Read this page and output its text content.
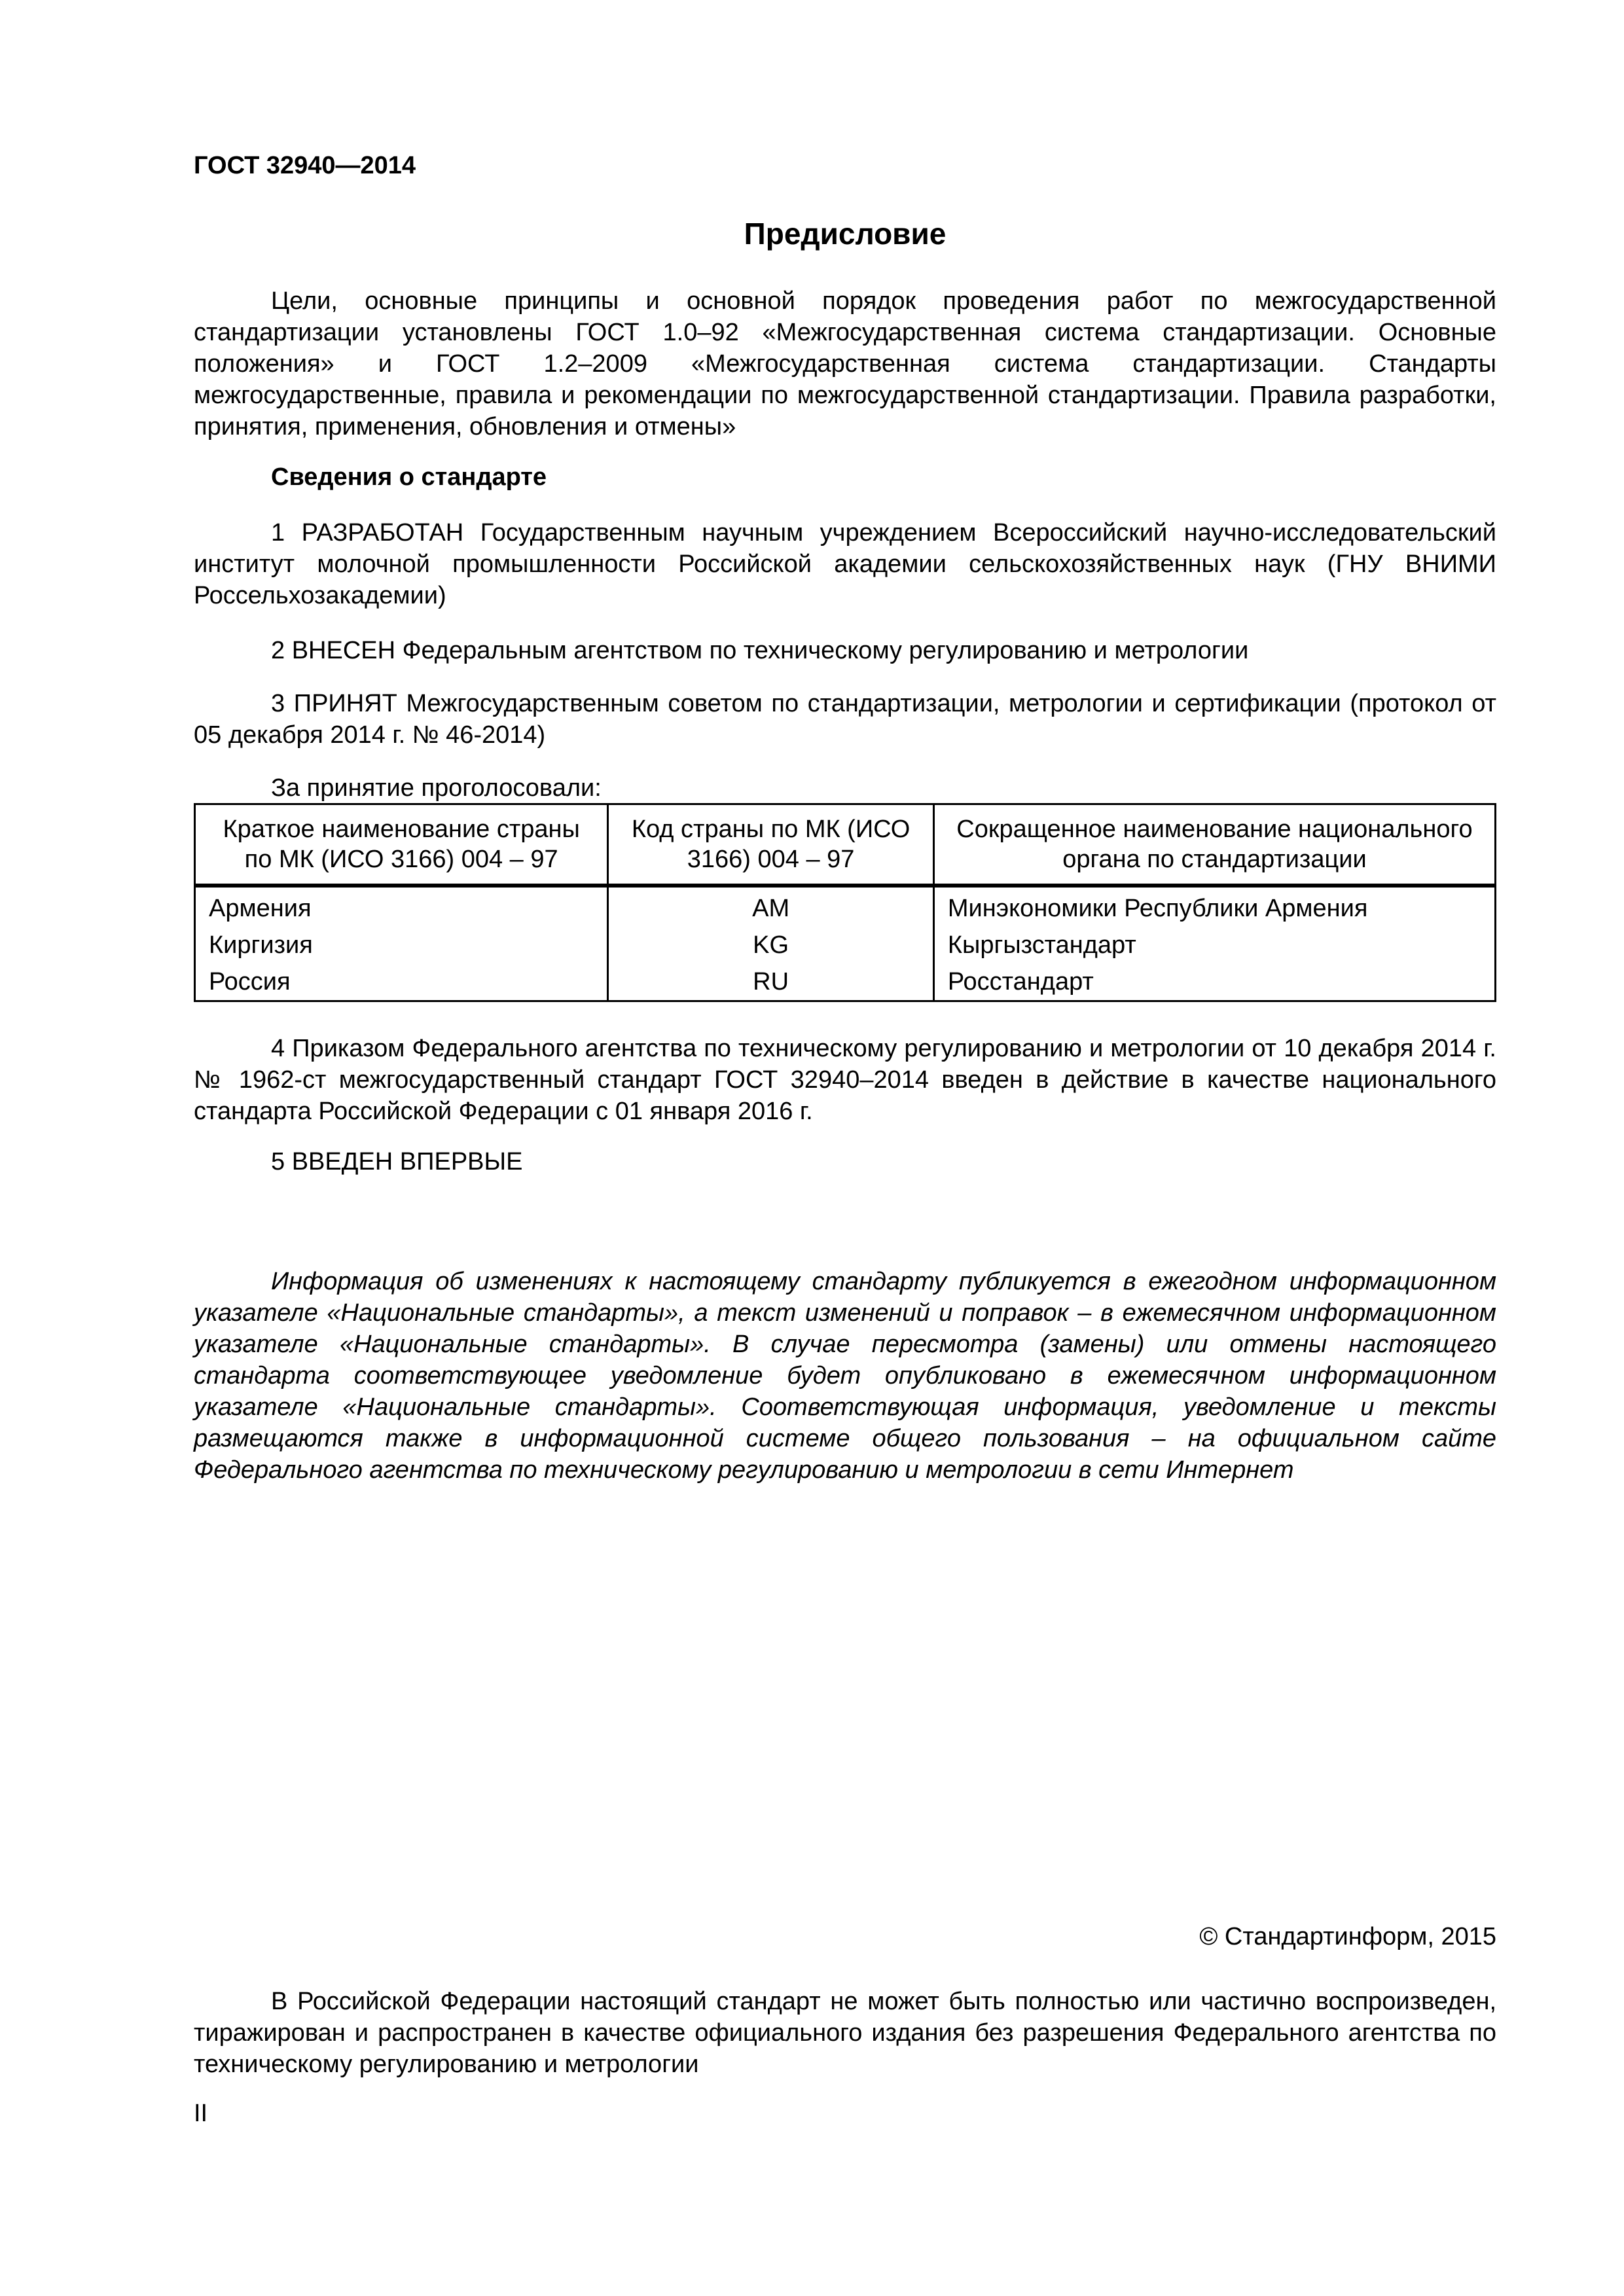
ГОСТ 32940—2014
Предисловие
Цели, основные принципы и основной порядок проведения работ по межгосударственной стандартизации установлены ГОСТ 1.0–92 «Межгосударственная система стандартизации. Основные положения» и ГОСТ 1.2–2009 «Межгосударственная система стандартизации. Стандарты межгосударственные, правила и рекомендации по межгосударственной стандартизации. Правила разработки, принятия, применения, обновления и отмены»
Сведения о стандарте
1 РАЗРАБОТАН Государственным научным учреждением Всероссийский научно-исследовательский институт молочной промышленности Российской академии сельскохозяйственных наук (ГНУ ВНИМИ Россельхозакадемии)
2 ВНЕСЕН Федеральным агентством по техническому регулированию и метрологии
3 ПРИНЯТ Межгосударственным советом по стандартизации, метрологии и сертификации (протокол от 05 декабря 2014 г. № 46-2014)
За принятие проголосовали:
Краткое наименование страны по МК (ИСО 3166) 004 – 97	Код страны по МК (ИСО 3166) 004 – 97	Сокращенное наименование национального органа по стандартизации
Армения	AM	Минэкономики Республики Армения
Киргизия	KG	Кыргызстандарт
Россия	RU	Росстандарт
4 Приказом Федерального агентства по техническому регулированию и метрологии от 10 декабря 2014 г. № 1962-ст межгосударственный стандарт ГОСТ 32940–2014 введен в действие в качестве национального стандарта Российской Федерации с 01 января 2016 г.
5 ВВЕДЕН ВПЕРВЫЕ
Информация об изменениях к настоящему стандарту публикуется в ежегодном информационном указателе «Национальные стандарты», а текст изменений и поправок – в ежемесячном информационном указателе «Национальные стандарты». В случае пересмотра (замены) или отмены настоящего стандарта соответствующее уведомление будет опубликовано в ежемесячном информационном указателе «Национальные стандарты». Соответствующая информация, уведомление и тексты размещаются также в информационной системе общего пользования – на официальном сайте Федерального агентства по техническому регулированию и метрологии в сети Интернет
© Стандартинформ, 2015
В Российской Федерации настоящий стандарт не может быть полностью или частично воспроизведен, тиражирован и распространен в качестве официального издания без разрешения Федерального агентства по техническому регулированию и метрологии
II
